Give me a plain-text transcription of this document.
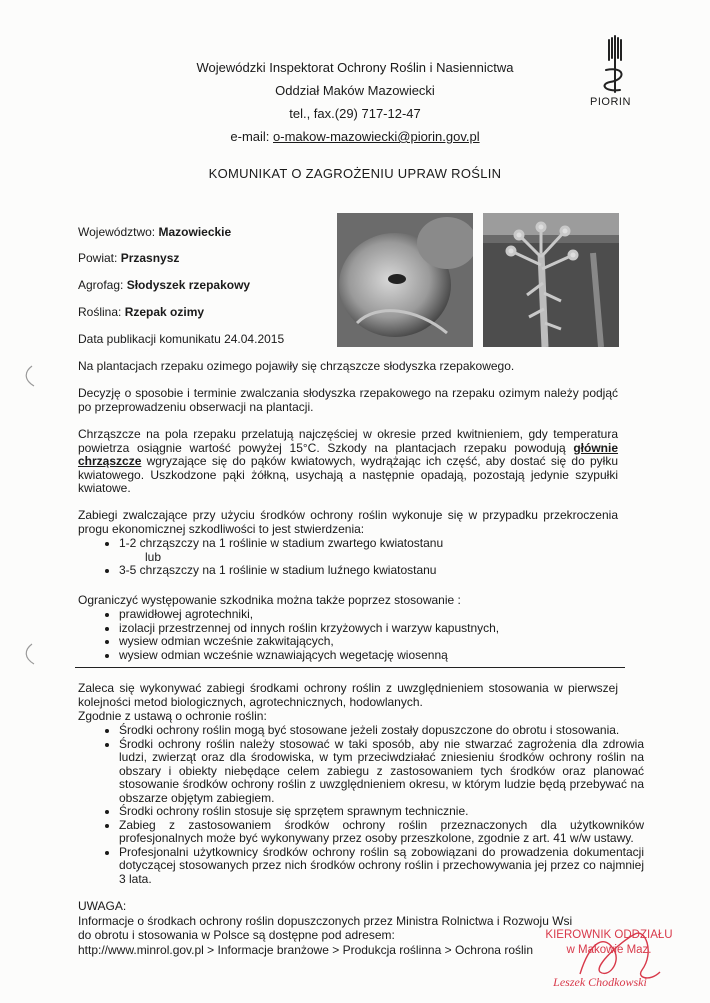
Wojewódzki Inspektorat Ochrony Roślin i Nasiennictwa
Oddział Maków Mazowiecki
tel., fax.(29) 717-12-47
e-mail: o-makow-mazowiecki@piorin.gov.pl
PIORIN
KOMUNIKAT O ZAGROŻENIU UPRAW ROŚLIN
Województwo: Mazowieckie
Powiat: Przasnysz
Agrofag: Słodyszek rzepakowy
Roślina: Rzepak ozimy
Data publikacji komunikatu 24.04.2015
Na plantacjach rzepaku ozimego pojawiły się chrząszcze słodyszka rzepakowego.
Decyzję o sposobie i terminie zwalczania słodyszka rzepakowego na rzepaku ozimym należy podjąć po przeprowadzeniu obserwacji na plantacji.
Chrząszcze na pola rzepaku przelatują najczęściej w okresie przed kwitnieniem, gdy temperatura powietrza osiągnie wartość powyżej 15°C. Szkody na plantacjach rzepaku powodują głównie chrząszcze wgryzające się do pąków kwiatowych, wydrążając ich część, aby dostać się do pyłku kwiatowego. Uszkodzone pąki żółkną, usychają a następnie opadają, pozostają jedynie szypułki kwiatowe.
Zabiegi zwalczające przy użyciu środków ochrony roślin wykonuje się w przypadku przekroczenia progu ekonomicznej szkodliwości to jest stwierdzenia:
• 1-2 chrząszczy na 1 roślinie w stadium zwartego kwiatostanu
lub
• 3-5 chrząszczy na 1 roślinie w stadium luźnego kwiatostanu
Ograniczyć występowanie szkodnika można także poprzez stosowanie :
• prawidłowej agrotechniki,
• izolacji przestrzennej od innych roślin krzyżowych i warzyw kapustnych,
• wysiew odmian wcześnie zakwitających,
• wysiew odmian wcześnie wznawiających wegetację wiosenną
Zaleca się wykonywać zabiegi środkami ochrony roślin z uwzględnieniem stosowania w pierwszej kolejności metod biologicznych, agrotechnicznych, hodowlanych.
Zgodnie z ustawą o ochronie roślin:
• Środki ochrony roślin mogą być stosowane jeżeli zostały dopuszczone do obrotu i stosowania.
• Środki ochrony roślin należy stosować w taki sposób, aby nie stwarzać zagrożenia dla zdrowia ludzi, zwierząt oraz dla środowiska, w tym przeciwdziałać zniesieniu środków ochrony roślin na obszary i obiekty niebędące celem zabiegu z zastosowaniem tych środków oraz planować stosowanie środków ochrony roślin z uwzględnieniem okresu, w którym ludzie będą przebywać na obszarze objętym zabiegiem.
• Środki ochrony roślin stosuje się sprzętem sprawnym technicznie.
• Zabieg z zastosowaniem środków ochrony roślin przeznaczonych dla użytkowników profesjonalnych może być wykonywany przez osoby przeszkolone, zgodnie z art. 41 w/w ustawy.
• Profesjonalni użytkownicy środków ochrony roślin są zobowiązani do prowadzenia dokumentacji dotyczącej stosowanych przez nich środków ochrony roślin i przechowywania jej przez co najmniej 3 lata.
UWAGA:
Informacje o środkach ochrony roślin dopuszczonych przez Ministra Rolnictwa i Rozwoju Wsi
do obrotu i stosowania w Polsce są dostępne pod adresem:
http://www.minrol.gov.pl > Informacje branżowe > Produkcja roślinna > Ochrona roślin
KIEROWNIK ODDZIAŁU
w Makowie Maz.
Leszek Chodkowski
